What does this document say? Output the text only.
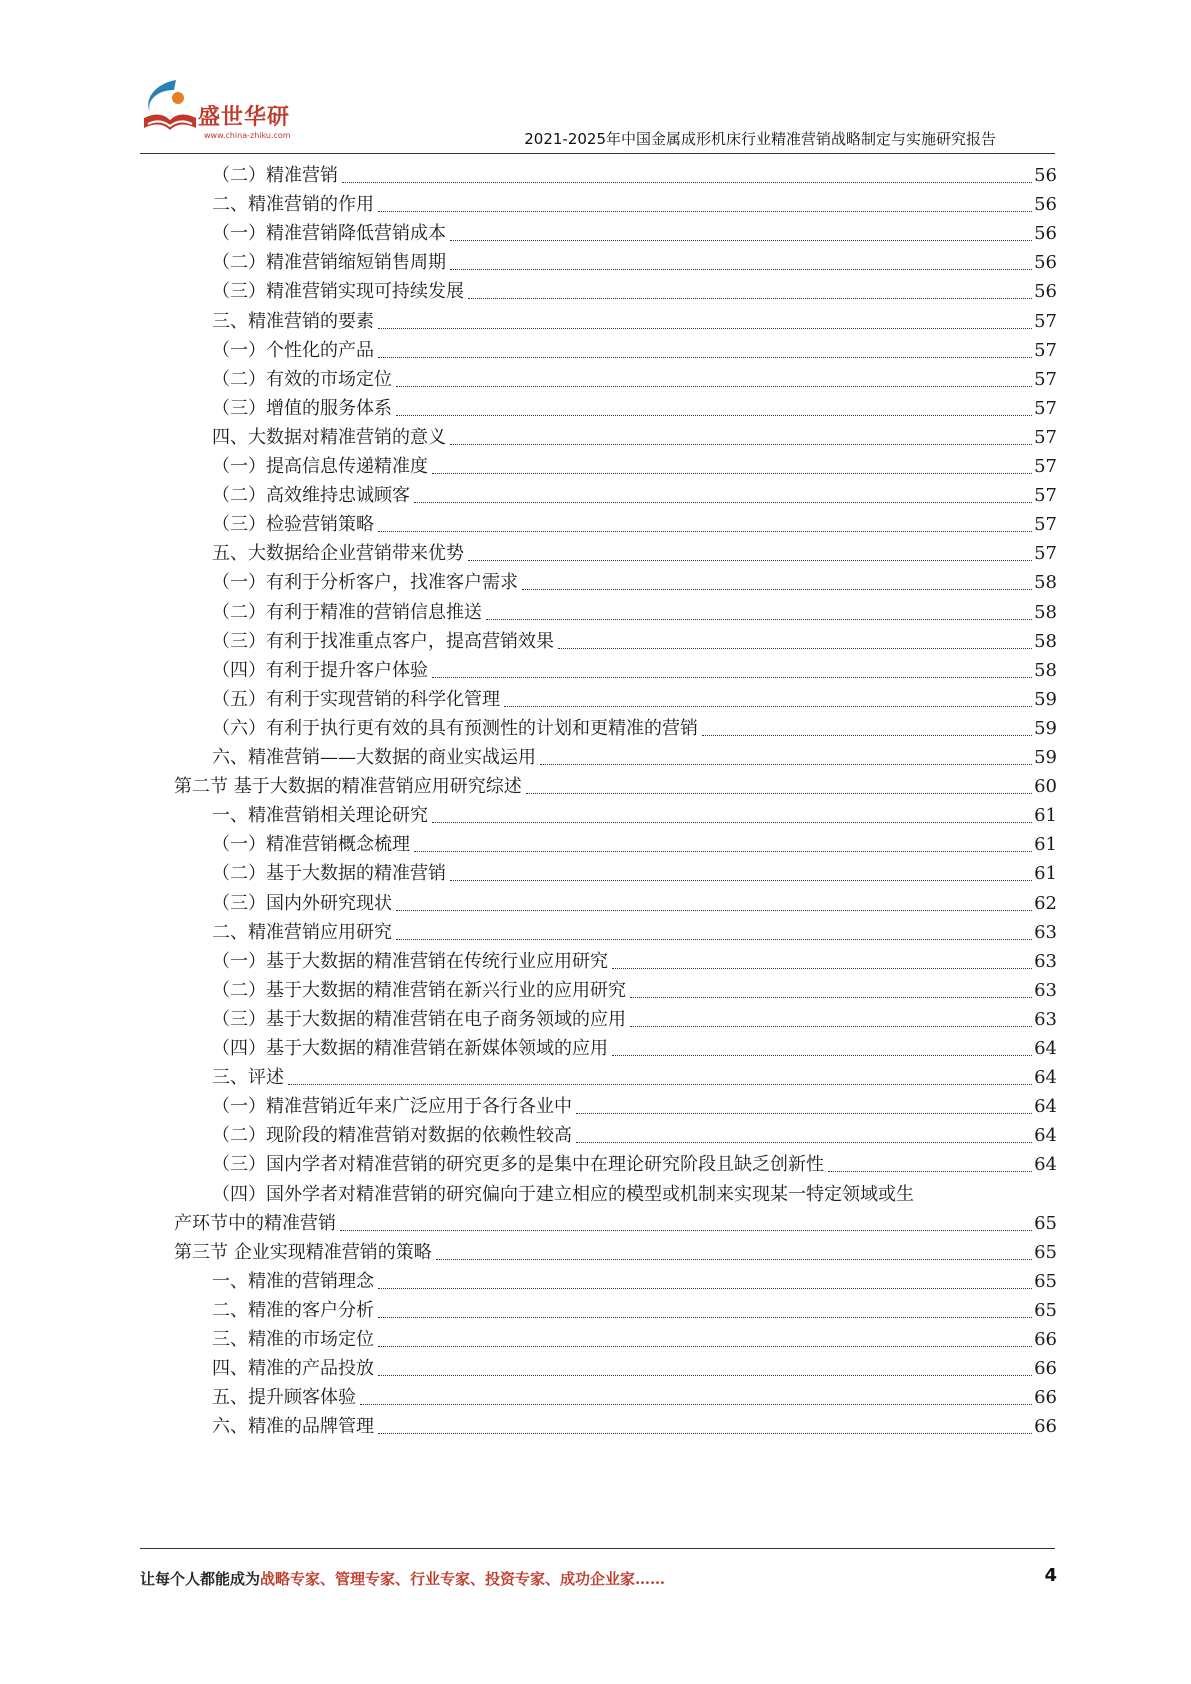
盛世华研
www.china-zhiku.com	2021-2025年中国金属成形机床行业精准营销战略制定与实施研究报告
（二）精准营销	56
二、精准营销的作用	56
（一）精准营销降低营销成本	56
（二）精准营销缩短销售周期	56
（三）精准营销实现可持续发展	56
三、精准营销的要素	57
（一）个性化的产品	57
（二）有效的市场定位	57
（三）增值的服务体系	57
四、大数据对精准营销的意义	57
（一）提高信息传递精准度	57
（二）高效维持忠诚顾客	57
（三）检验营销策略	57
五、大数据给企业营销带来优势	57
（一）有利于分析客户，找准客户需求	58
（二）有利于精准的营销信息推送	58
（三）有利于找准重点客户，提高营销效果	58
（四）有利于提升客户体验	58
（五）有利于实现营销的科学化管理	59
（六）有利于执行更有效的具有预测性的计划和更精准的营销	59
六、精准营销——大数据的商业实战运用	59
第二节 基于大数据的精准营销应用研究综述	60
一、精准营销相关理论研究	61
（一）精准营销概念梳理	61
（二）基于大数据的精准营销	61
（三）国内外研究现状	62
二、精准营销应用研究	63
（一）基于大数据的精准营销在传统行业应用研究	63
（二）基于大数据的精准营销在新兴行业的应用研究	63
（三）基于大数据的精准营销在电子商务领域的应用	63
（四）基于大数据的精准营销在新媒体领域的应用	64
三、评述	64
（一）精准营销近年来广泛应用于各行各业中	64
（二）现阶段的精准营销对数据的依赖性较高	64
（三）国内学者对精准营销的研究更多的是集中在理论研究阶段且缺乏创新性	64
（四）国外学者对精准营销的研究偏向于建立相应的模型或机制来实现某一特定领域或生
产环节中的精准营销	65
第三节 企业实现精准营销的策略	65
一、精准的营销理念	65
二、精准的客户分析	65
三、精准的市场定位	66
四、精准的产品投放	66
五、提升顾客体验	66
六、精准的品牌管理	66
让每个人都能成为战略专家、管理专家、行业专家、投资专家、成功企业家……	4
